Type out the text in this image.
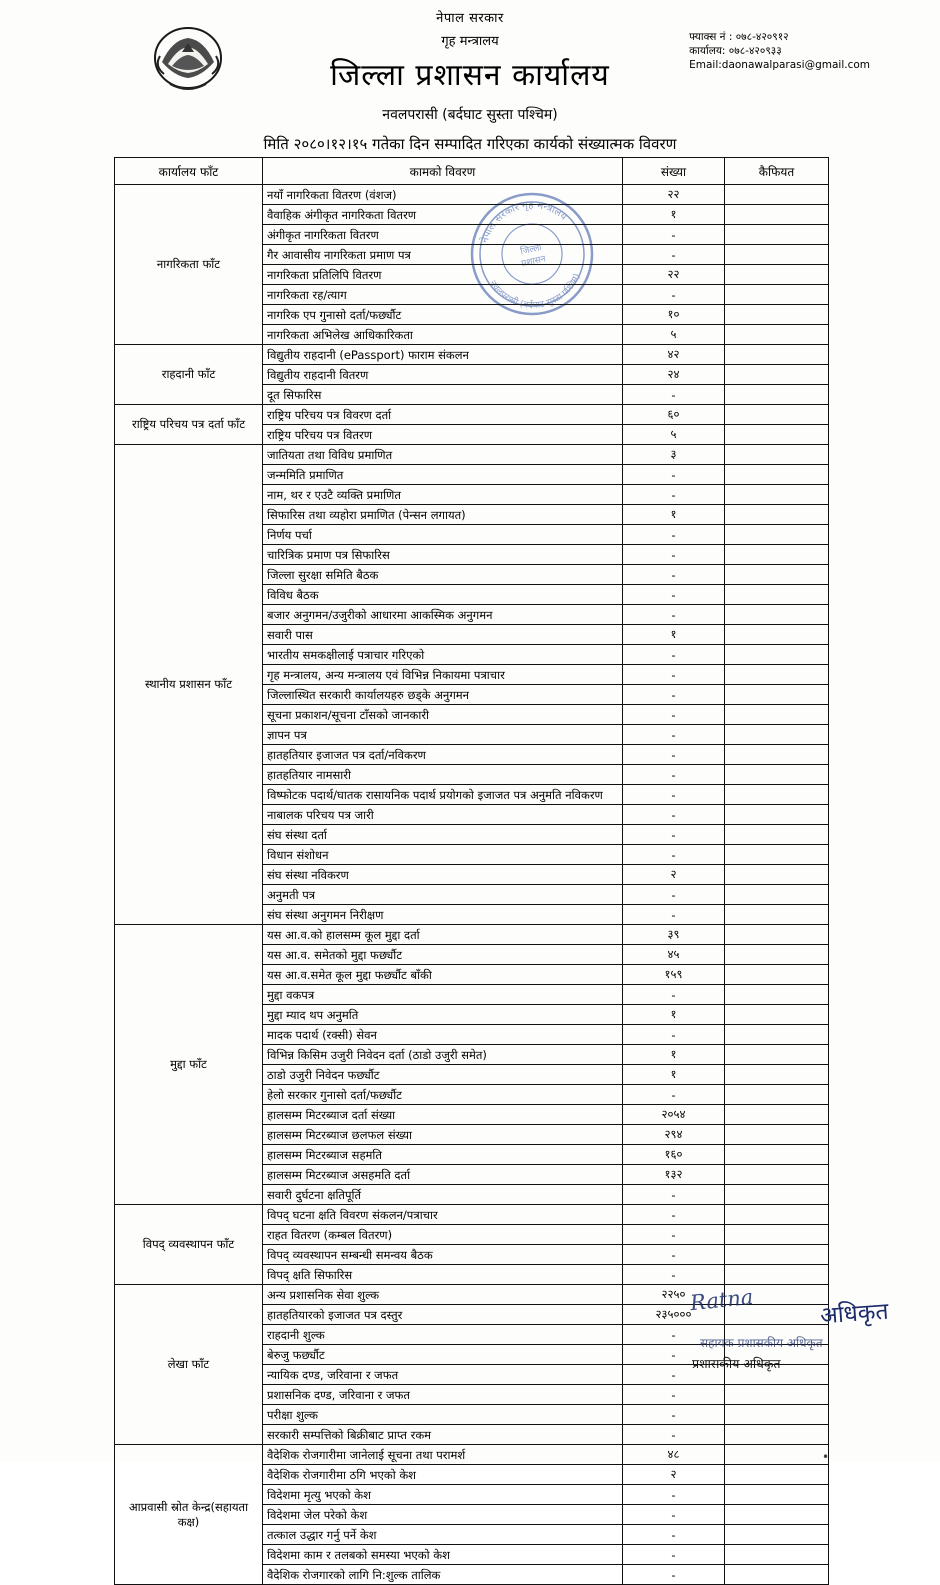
नेपाल सरकार
गृह मन्त्रालय
जिल्ला प्रशासन कार्यालय
नवलपरासी (बर्दघाट सुस्ता पश्चिम)
मिति २०८०।१२।१५ गतेका दिन सम्पादित गरिएका कार्यको संख्यात्मक विवरण
फ्याक्स नं : ०७८-४२०९१२
कार्यालय: ०७८-४२०९३३
Email:daonawalparasi@gmail.com
नेपाल सरकार गृह मन्त्रालय
जिल्ला
प्रशासन
नवलपरासी (बर्दघाट-सुस्ता पश्चिम)
कार्यालय फाँट	कामको विवरण	संख्या	कैफियत
नागरिकता फाँट	नयाँ नागरिकता वितरण (वंशज)	२२	
	वैवाहिक अंगीकृत नागरिकता वितरण	१	
	अंगीकृत नागरिकता वितरण	-	
	गैर आवासीय नागरिकता प्रमाण पत्र	-	
	नागरिकता प्रतिलिपि वितरण	२२	
	नागरिकता रह/त्याग	-	
	नागरिक एप गुनासो दर्ता/फर्छ्यौट	१०	
	नागरिकता अभिलेख आधिकारिकता	५	
राहदानी फाँट	विद्युतीय राहदानी (ePassport) फाराम संकलन	४२	
	विद्युतीय राहदानी वितरण	२४	
	दूत सिफारिस	-	
राष्ट्रिय परिचय पत्र दर्ता फाँट	राष्ट्रिय परिचय पत्र विवरण दर्ता	६०	
	राष्ट्रिय परिचय पत्र वितरण	५	
स्थानीय प्रशासन फाँट	जातियता तथा विविध प्रमाणित	३	
	जन्ममिति प्रमाणित	-	
	नाम, थर र एउटै व्यक्ति प्रमाणित	-	
	सिफारिस तथा व्यहोरा प्रमाणित (पेन्सन लगायत)	१	
	निर्णय पर्चा	-	
	चारित्रिक प्रमाण पत्र सिफारिस	-	
	जिल्ला सुरक्षा समिति बैठक	-	
	विविध बैठक	-	
	बजार अनुगमन/उजुरीको आधारमा आकस्मिक अनुगमन	-	
	सवारी पास	१	
	भारतीय समकक्षीलाई पत्राचार गरिएको	-	
	गृह मन्त्रालय, अन्य मन्त्रालय एवं विभिन्न निकायमा पत्राचार	-	
	जिल्लास्थित सरकारी कार्यालयहरु छड्के अनुगमन	-	
	सूचना प्रकाशन/सूचना टाँसको जानकारी	-	
	ज्ञापन पत्र	-	
	हातहतियार इजाजत पत्र दर्ता/नविकरण	-	
	हातहतियार नामसारी	-	
	विष्फोटक पदार्थ/घातक रासायनिक पदार्थ प्रयोगको इजाजत पत्र अनुमति नविकरण	-	
	नाबालक परिचय पत्र जारी	-	
	संघ संस्था दर्ता	-	
	विधान संशोधन	-	
	संघ संस्था नविकरण	२	
	अनुमती पत्र	-	
	संघ संस्था अनुगमन निरीक्षण	-	
मुद्दा फाँट	यस आ.व.को हालसम्म कूल मुद्दा दर्ता	३९	
	यस आ.व. समेतको मुद्दा फर्छ्यौट	४५	
	यस आ.व.समेत कूल मुद्दा फर्छ्यौट बाँकी	१५९	
	मुद्दा वकपत्र	-	
	मुद्दा म्याद थप अनुमति	१	
	मादक पदार्थ (रक्सी) सेवन	-	
	विभिन्न किसिम उजुरी निवेदन दर्ता (ठाडो उजुरी समेत)	१	
	ठाडो उजुरी निवेदन फर्छ्यौट	१	
	हेलो सरकार गुनासो दर्ता/फर्छ्यौट	-	
	हालसम्म मिटरब्याज दर्ता संख्या	२०५४	
	हालसम्म मिटरब्याज छलफल संख्या	२९४	
	हालसम्म मिटरब्याज सहमति	१६०	
	हालसम्म मिटरब्याज असहमति दर्ता	१३२	
	सवारी दुर्घटना क्षतिपूर्ति	-	
विपद् व्यवस्थापन फाँट	विपद् घटना क्षति विवरण संकलन/पत्राचार	-	
	राहत वितरण (कम्बल वितरण)	-	
	विपद् व्यवस्थापन सम्बन्धी समन्वय बैठक	-	
	विपद् क्षति सिफारिस	-	
लेखा फाँट	अन्य प्रशासनिक सेवा शुल्क	२२५०	
	हातहतियारको इजाजत पत्र दस्तुर	२३५०००	
	राहदानी शुल्क	-	
	बेरुजु फर्छ्यौट	-	
	न्यायिक दण्ड, जरिवाना र जफत	-	
	प्रशासनिक दण्ड, जरिवाना र जफत	-	
	परीक्षा शुल्क	-	
	सरकारी सम्पत्तिको बिक्रीबाट प्राप्त रकम	-	
आप्रवासी स्रोत केन्द्र(सहायता कक्ष)	वैदेशिक रोजगारीमा जानेलाई सूचना तथा परामर्श	४८	
	वैदेशिक रोजगारीमा ठगि भएको केश	२	
	विदेशमा मृत्यु भएको केश	-	
	विदेशमा जेल परेको केश	-	
	तत्काल उद्धार गर्नु पर्ने केश	-	
	विदेशमा काम र तलबको समस्या भएको केश	-	
	वैदेशिक रोजगारको लागि नि:शुल्क तालिक	-	
Ratna	अधिकृत
सहायक प्रशासकीय अधिकृत
प्रशासकीय अधिकृत
•
